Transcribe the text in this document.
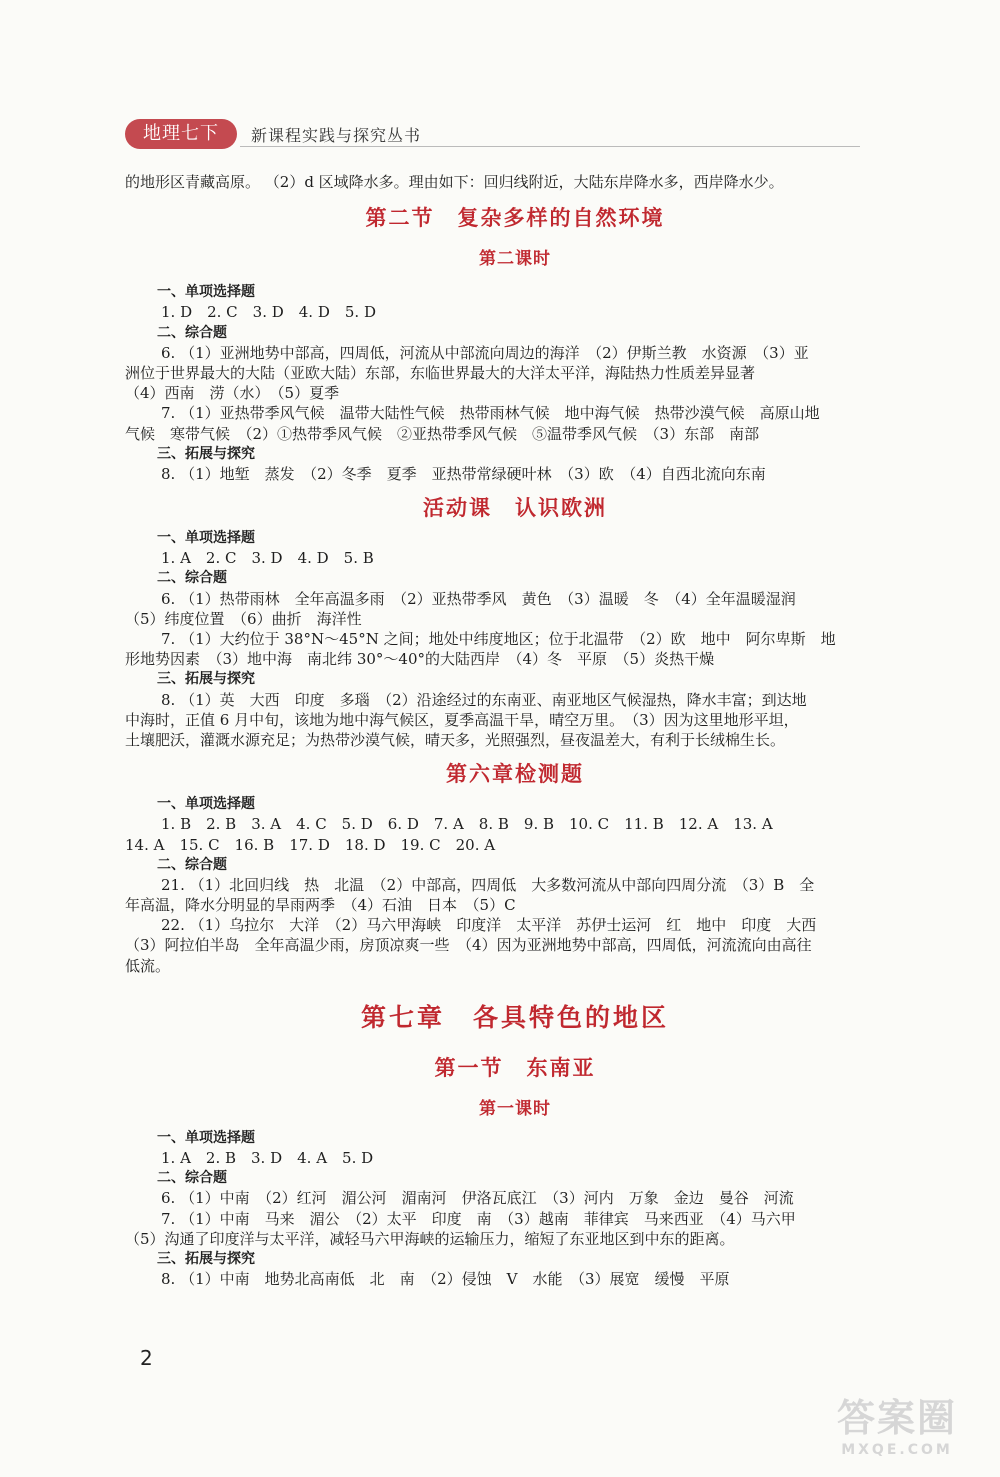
地理七下	新课程实践与探究丛书
的地形区青藏高原。 （2）d 区域降水多。理由如下：回归线附近，大陆东岸降水多，西岸降水少。
第二节　复杂多样的自然环境
第二课时
一、单项选择题
1. D　2. C　3. D　4. D　5. D
二、综合题
6. （1）亚洲地势中部高，四周低，河流从中部流向周边的海洋　（2）伊斯兰教　水资源　（3）亚
洲位于世界最大的大陆（亚欧大陆）东部，东临世界最大的大洋太平洋，海陆热力性质差异显著
（4）西南　涝（水）　（5）夏季
7. （1）亚热带季风气候　温带大陆性气候　热带雨林气候　地中海气候　热带沙漠气候　高原山地
气候　寒带气候　（2）①热带季风气候　②亚热带季风气候　⑤温带季风气候　（3）东部　南部
三、拓展与探究
8. （1）地堑　蒸发　（2）冬季　夏季　亚热带常绿硬叶林　（3）欧　（4）自西北流向东南
活动课　认识欧洲
一、单项选择题
1. A　2. C　3. D　4. D　5. B
二、综合题
6. （1）热带雨林　全年高温多雨　（2）亚热带季风　黄色　（3）温暖　冬　（4）全年温暖湿润
（5）纬度位置　（6）曲折　海洋性
7. （1）大约位于 38°N～45°N 之间；地处中纬度地区；位于北温带　（2）欧　地中　阿尔卑斯　地
形地势因素　（3）地中海　南北纬 30°～40°的大陆西岸　（4）冬　平原　（5）炎热干燥
三、拓展与探究
8. （1）英　大西　印度　多瑙　（2）沿途经过的东南亚、南亚地区气候湿热，降水丰富；到达地
中海时，正值 6 月中旬，该地为地中海气候区，夏季高温干旱，晴空万里。　（3）因为这里地形平坦，
土壤肥沃，灌溉水源充足；为热带沙漠气候，晴天多，光照强烈，昼夜温差大，有利于长绒棉生长。
第六章检测题
一、单项选择题
1. B　2. B　3. A　4. C　5. D　6. D　7. A　8. B　9. B　10. C　11. B　12. A　13. A
14. A　15. C　16. B　17. D　18. D　19. C　20. A
二、综合题
21. （1）北回归线　热　北温　（2）中部高，四周低　大多数河流从中部向四周分流　（3）B　全
年高温，降水分明显的旱雨两季　（4）石油　日本　（5）C
22. （1）乌拉尔　大洋　（2）马六甲海峡　印度洋　太平洋　苏伊士运河　红　地中　印度　大西
（3）阿拉伯半岛　全年高温少雨，房顶凉爽一些　（4）因为亚洲地势中部高，四周低，河流流向由高往
低流。
第七章　各具特色的地区
第一节　东南亚
第一课时
一、单项选择题
1. A　2. B　3. D　4. A　5. D
二、综合题
6. （1）中南　（2）红河　湄公河　湄南河　伊洛瓦底江　（3）河内　万象　金边　曼谷　河流
7. （1）中南　马来　湄公　（2）太平　印度　南　（3）越南　菲律宾　马来西亚　（4）马六甲
（5）沟通了印度洋与太平洋，减轻马六甲海峡的运输压力，缩短了东亚地区到中东的距离。
三、拓展与探究
8. （1）中南　地势北高南低　北　南　（2）侵蚀　V　水能　（3）展宽　缓慢　平原
2
答案圈
MXQE.COM
